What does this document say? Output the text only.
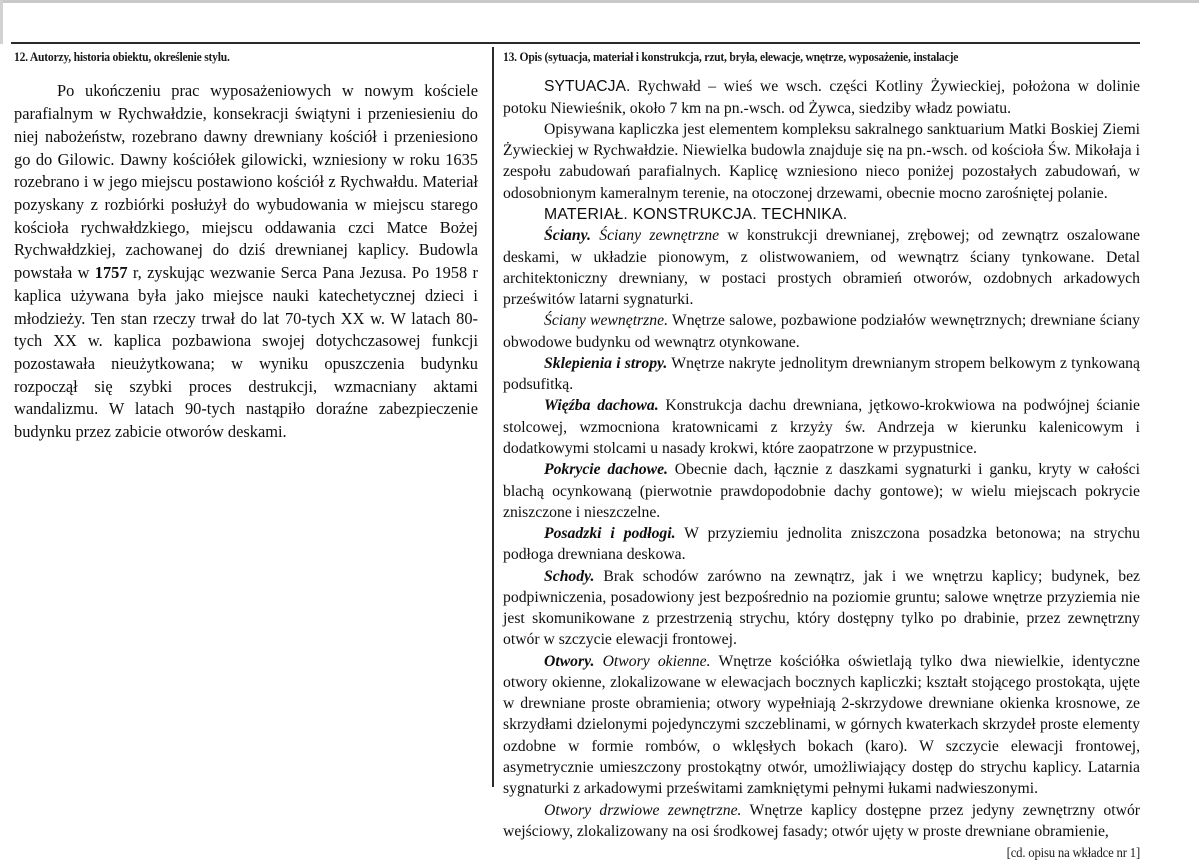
12. Autorzy, historia obiektu, określenie stylu.

Po ukończeniu prac wyposażeniowych w nowym kościele parafialnym w Rychwałdzie, konsekracji świątyni i przeniesieniu do niej nabożeństw, rozebrano dawny drewniany kościół i przeniesiono go do Gilowic. Dawny kościółek gilowicki, wzniesiony w roku 1635 rozebrano i w jego miejscu postawiono kościół z Rychwałdu. Materiał pozyskany z rozbiórki posłużył do wybudowania w miejscu starego kościoła rychwałdzkiego, miejscu oddawania czci Matce Bożej Rychwałdzkiej, zachowanej do dziś drewnianej kaplicy. Budowla powstała w 1757 r, zyskując wezwanie Serca Pana Jezusa. Po 1958 r kaplica używana była jako miejsce nauki katechetycznej dzieci i młodzieży. Ten stan rzeczy trwał do lat 70-tych XX w. W latach 80-tych XX w. kaplica pozbawiona swojej dotychczasowej funkcji pozostawała nieużytkowana; w wyniku opuszczenia budynku rozpoczął się szybki proces destrukcji, wzmacniany aktami wandalizmu. W latach 90-tych nastąpiło doraźne zabezpieczenie budynku przez zabicie otworów deskami.

13. Opis (sytuacja, materiał i konstrukcja, rzut, bryła, elewacje, wnętrze, wyposażenie, instalacje

SYTUACJA. Rychwałd – wieś we wsch. części Kotliny Żywieckiej, położona w dolinie potoku Niewieśnik, około 7 km na pn.-wsch. od Żywca, siedziby władz powiatu.

Opisywana kapliczka jest elementem kompleksu sakralnego sanktuarium Matki Boskiej Ziemi Żywieckiej w Rychwałdzie. Niewielka budowla znajduje się na pn.-wsch. od kościoła Św. Mikołaja i zespołu zabudowań parafialnych. Kaplicę wzniesiono nieco poniżej pozostałych zabudowań, w odosobnionym kameralnym terenie, na otoczonej drzewami, obecnie mocno zarośniętej polanie.

MATERIAŁ. KONSTRUKCJA. TECHNIKA.

Ściany. Ściany zewnętrzne w konstrukcji drewnianej, zrębowej; od zewnątrz oszalowane deskami, w układzie pionowym, z olistwowaniem, od wewnątrz ściany tynkowane. Detal architektoniczny drewniany, w postaci prostych obramień otworów, ozdobnych arkadowych prześwitów latarni sygnaturki.

Ściany wewnętrzne. Wnętrze salowe, pozbawione podziałów wewnętrznych; drewniane ściany obwodowe budynku od wewnątrz otynkowane.

Sklepienia i stropy. Wnętrze nakryte jednolitym drewnianym stropem belkowym z tynkowaną podsufitką.

Więźba dachowa. Konstrukcja dachu drewniana, jętkowo-krokwiowa na podwójnej ścianie stolcowej, wzmocniona kratownicami z krzyży św. Andrzeja w kierunku kalenicowym i dodatkowymi stolcami u nasady krokwi, które zaopatrzone w przypustnice.

Pokrycie dachowe. Obecnie dach, łącznie z daszkami sygnaturki i ganku, kryty w całości blachą ocynkowaną (pierwotnie prawdopodobnie dachy gontowe); w wielu miejscach pokrycie zniszczone i nieszczelne.

Posadzki i podłogi. W przyziemiu jednolita zniszczona posadzka betonowa; na strychu podłoga drewniana deskowa.

Schody. Brak schodów zarówno na zewnątrz, jak i we wnętrzu kaplicy; budynek, bez podpiwniczenia, posadowiony jest bezpośrednio na poziomie gruntu; salowe wnętrze przyziemia nie jest skomunikowane z przestrzenią strychu, który dostępny tylko po drabinie, przez zewnętrzny otwór w szczycie elewacji frontowej.

Otwory. Otwory okienne. Wnętrze kościółka oświetlają tylko dwa niewielkie, identyczne otwory okienne, zlokalizowane w elewacjach bocznych kapliczki; kształt stojącego prostokąta, ujęte w drewniane proste obramienia; otwory wypełniają 2-skrzydowe drewniane okienka krosnowe, ze skrzydłami dzielonymi pojedynczymi szczeblinami, w górnych kwaterkach skrzydeł proste elementy ozdobne w formie rombów, o wklęsłych bokach (karo). W szczycie elewacji frontowej, asymetrycznie umieszczony prostokątny otwór, umożliwiający dostęp do strychu kaplicy. Latarnia sygnaturki z arkadowymi prześwitami zamkniętymi pełnymi łukami nadwieszonymi.

Otwory drzwiowe zewnętrzne. Wnętrze kaplicy dostępne przez jedyny zewnętrzny otwór wejściowy, zlokalizowany na osi środkowej fasady; otwór ujęty w proste drewniane obramienie,

[cd. opisu na wkładce nr 1]
